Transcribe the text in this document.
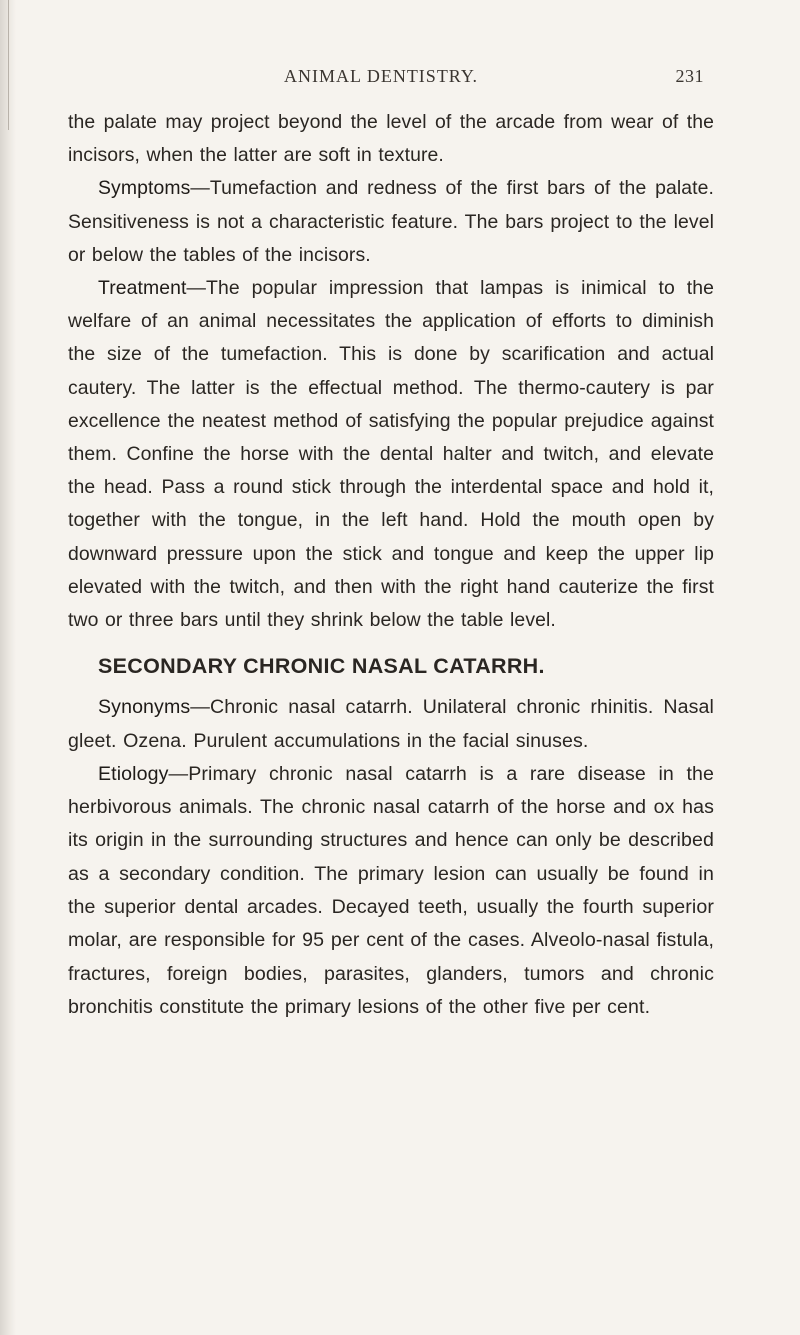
ANIMAL DENTISTRY.	231

the palate may project beyond the level of the arcade from wear of the incisors, when the latter are soft in texture.

Symptoms—Tumefaction and redness of the first bars of the palate. Sensitiveness is not a characteristic feature. The bars project to the level or below the tables of the incisors.

Treatment—The popular impression that lampas is inimical to the welfare of an animal necessitates the application of efforts to diminish the size of the tumefaction. This is done by scarification and actual cautery. The latter is the effectual method. The thermo-cautery is par excellence the neatest method of satisfying the popular prejudice against them. Confine the horse with the dental halter and twitch, and elevate the head. Pass a round stick through the interdental space and hold it, together with the tongue, in the left hand. Hold the mouth open by downward pressure upon the stick and tongue and keep the upper lip elevated with the twitch, and then with the right hand cauterize the first two or three bars until they shrink below the table level.

SECONDARY CHRONIC NASAL CATARRH.

Synonyms—Chronic nasal catarrh. Unilateral chronic rhinitis. Nasal gleet. Ozena. Purulent accumulations in the facial sinuses.

Etiology—Primary chronic nasal catarrh is a rare disease in the herbivorous animals. The chronic nasal catarrh of the horse and ox has its origin in the surrounding structures and hence can only be described as a secondary condition. The primary lesion can usually be found in the superior dental arcades. Decayed teeth, usually the fourth superior molar, are responsible for 95 per cent of the cases. Alveolo-nasal fistula, fractures, foreign bodies, parasites, glanders, tumors and chronic bronchitis constitute the primary lesions of the other five per cent.
